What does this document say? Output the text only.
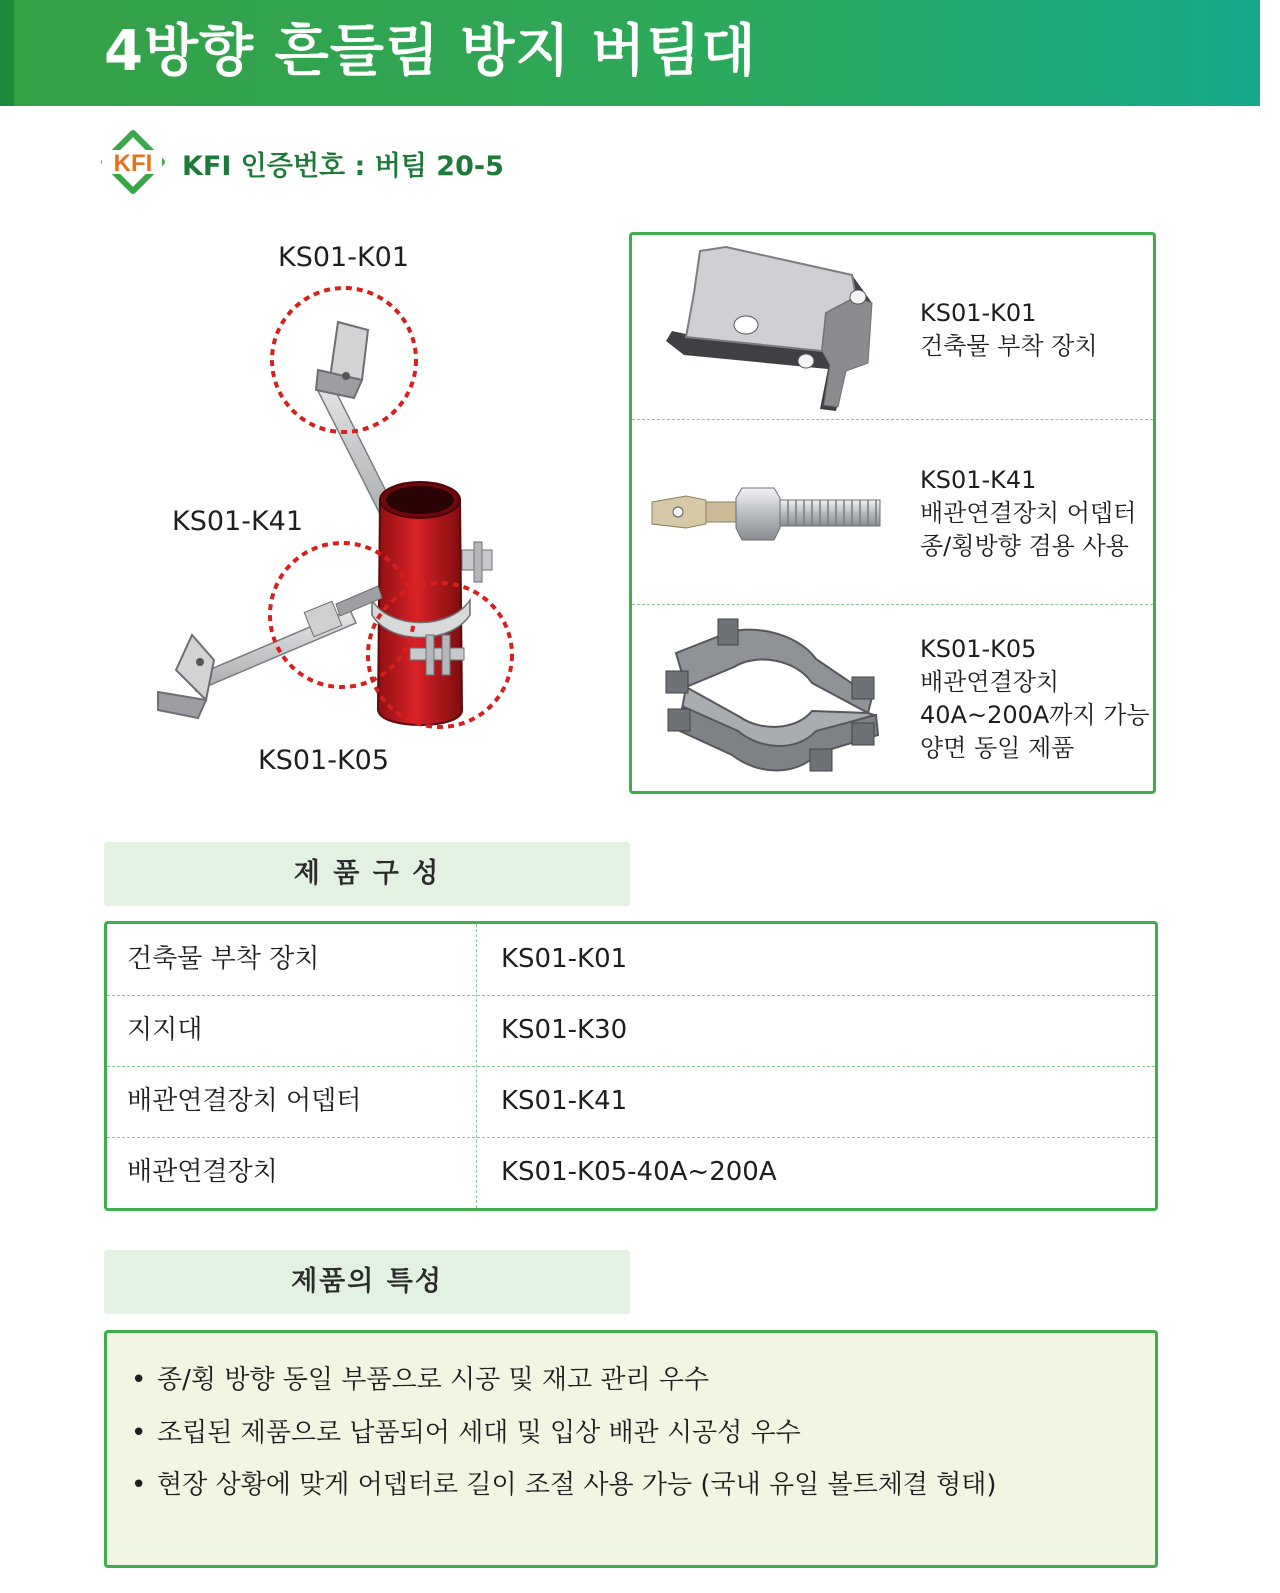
4방향 흔들림 방지 버팀대
KFI KFI 인증번호 : 버팀 20-5
KS01-K01
KS01-K41
KS01-K05
KS01-K01
건축물 부착 장치
KS01-K41
배관연결장치 어뎁터
종/횡방향 겸용 사용
KS01-K05
배관연결장치
40A~200A까지 가능
양면 동일 제품
제 품 구 성
건축물 부착 장치	KS01-K01
지지대	KS01-K30
배관연결장치 어뎁터	KS01-K41
배관연결장치	KS01-K05-40A~200A
제품의 특성
• 종/횡 방향 동일 부품으로 시공 및 재고 관리 우수
• 조립된 제품으로 납품되어 세대 및 입상 배관 시공성 우수
• 현장 상황에 맞게 어뎁터로 길이 조절 사용 가능 (국내 유일 볼트체결 형태)
